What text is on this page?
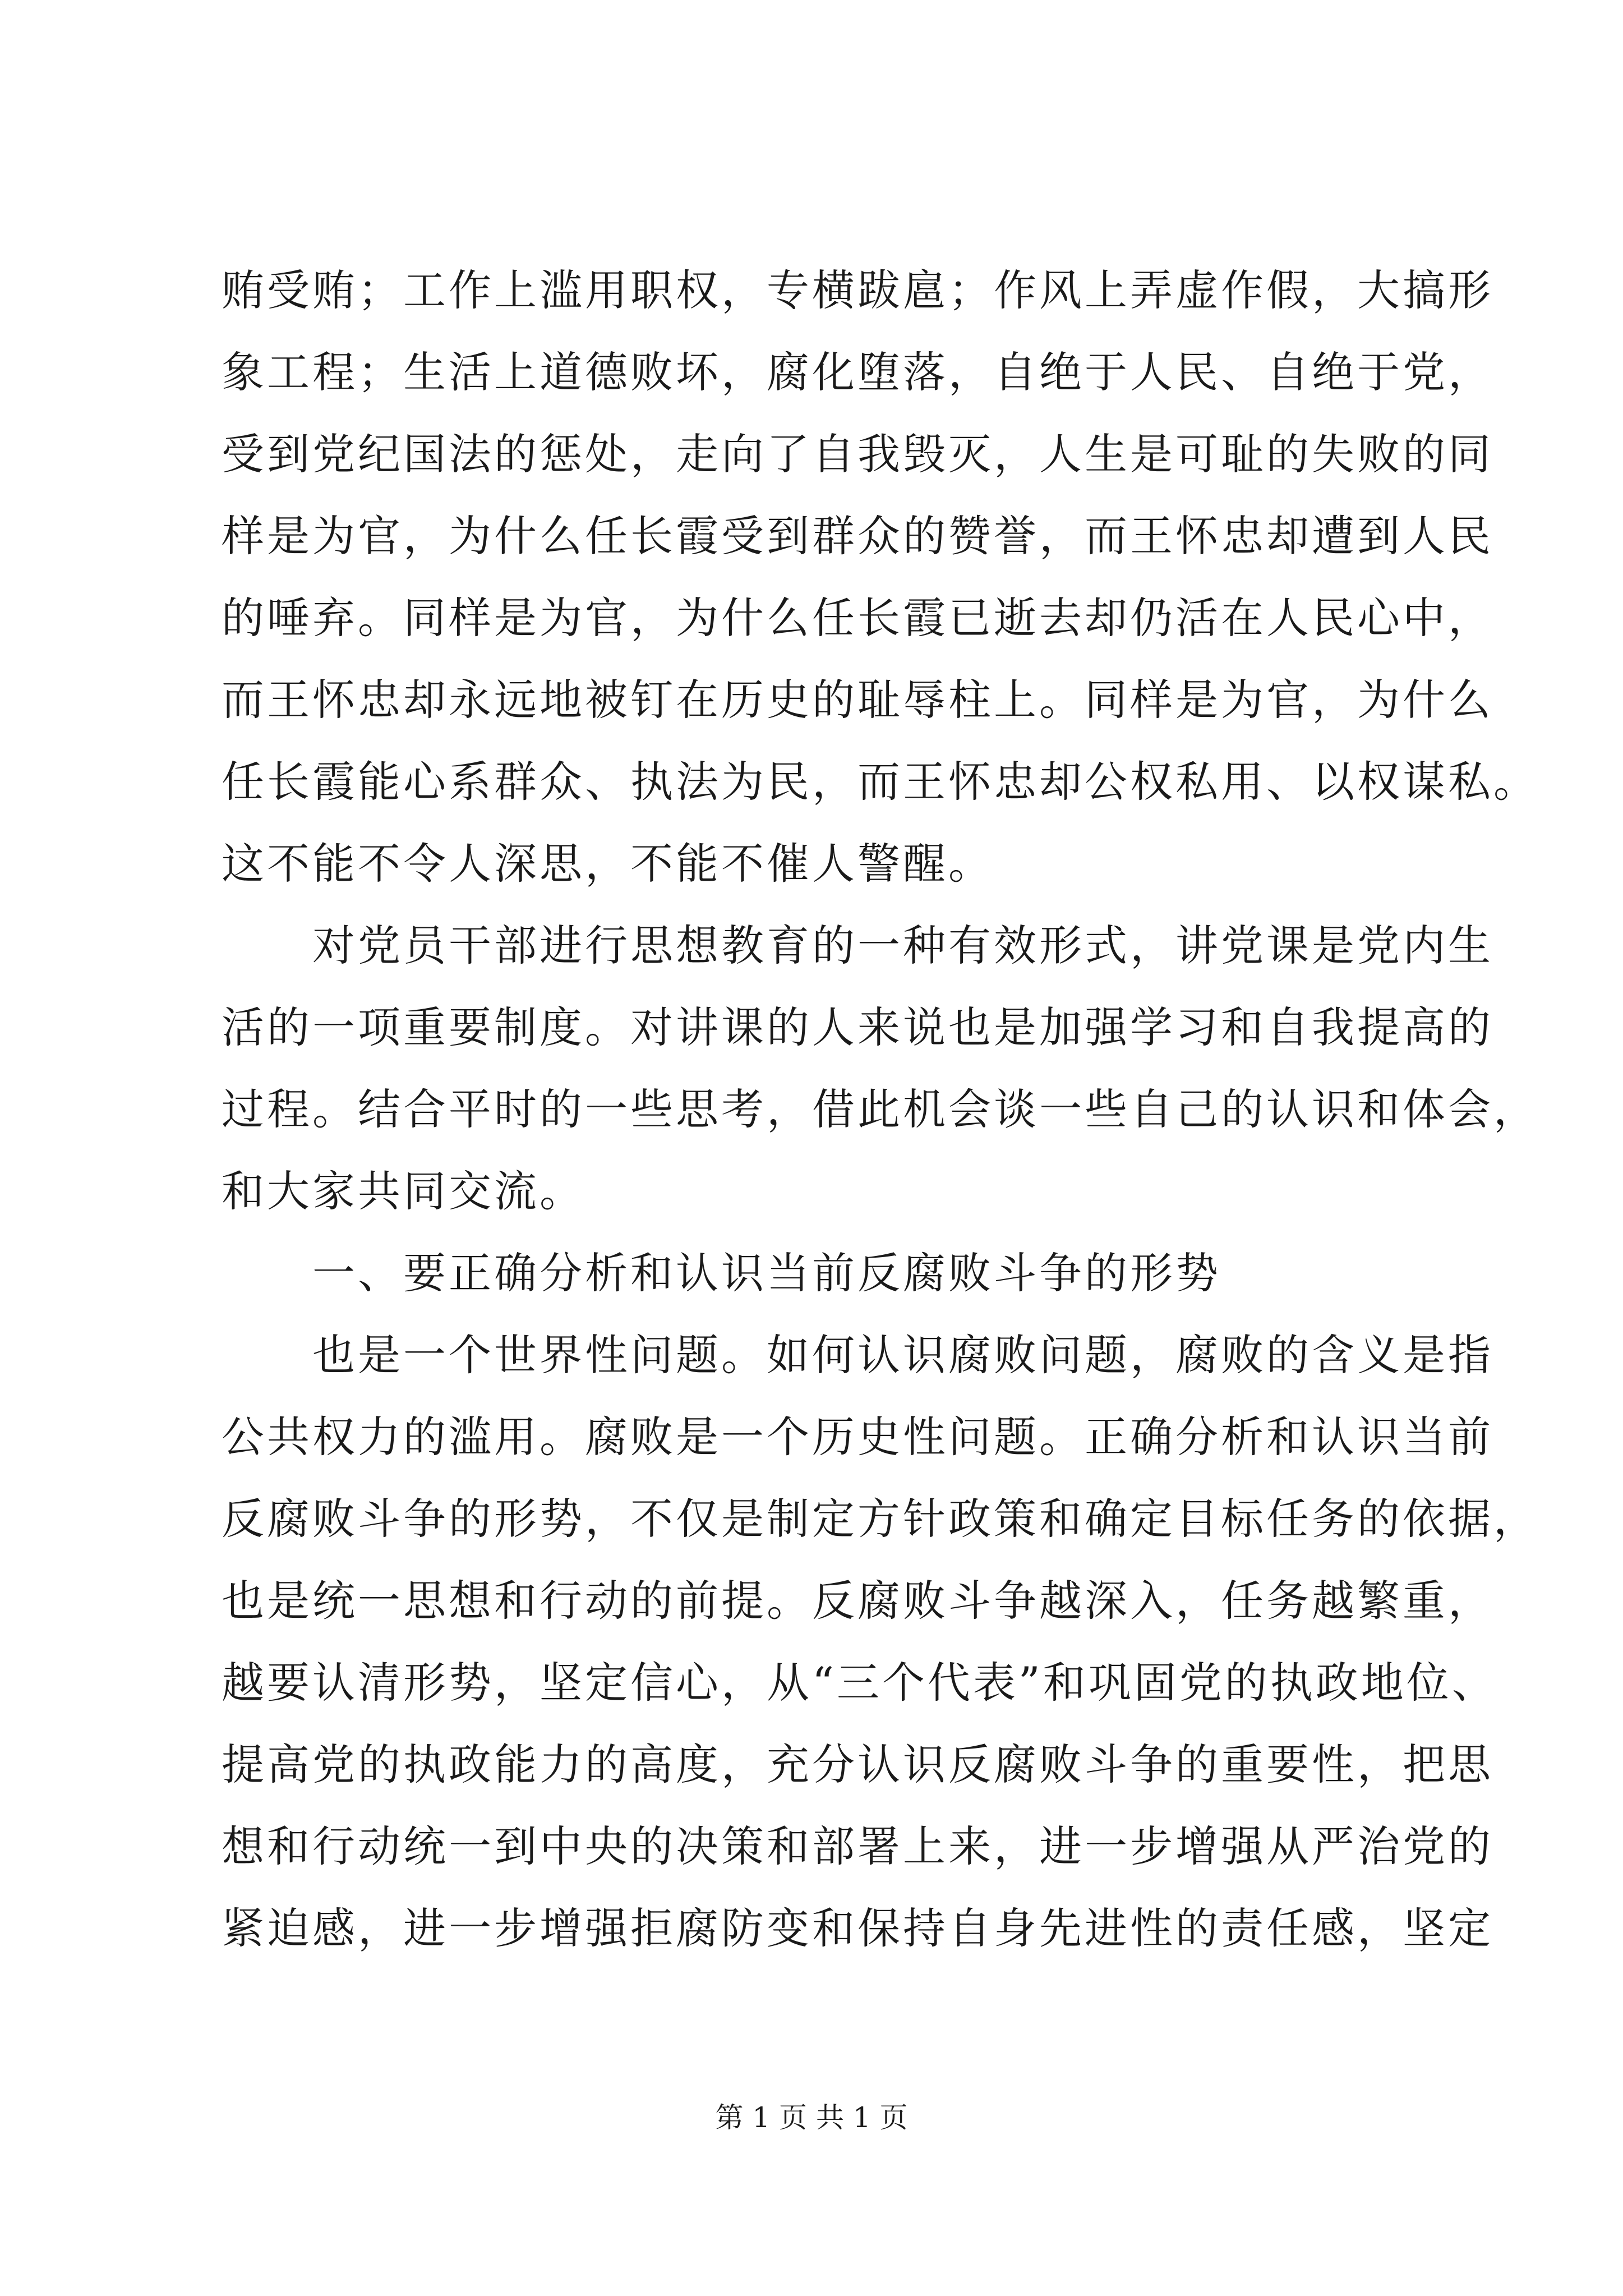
贿受贿；工作上滥用职权，专横跋扈；作风上弄虚作假，大搞形
象工程；生活上道德败坏，腐化堕落，自绝于人民、自绝于党，
受到党纪国法的惩处，走向了自我毁灭，人生是可耻的失败的同
样是为官，为什么任长霞受到群众的赞誉，而王怀忠却遭到人民
的唾弃。同样是为官，为什么任长霞已逝去却仍活在人民心中，
而王怀忠却永远地被钉在历史的耻辱柱上。同样是为官，为什么
任长霞能心系群众、执法为民，而王怀忠却公权私用、以权谋私。
这不能不令人深思，不能不催人警醒。
　　对党员干部进行思想教育的一种有效形式，讲党课是党内生
活的一项重要制度。对讲课的人来说也是加强学习和自我提高的
过程。结合平时的一些思考，借此机会谈一些自己的认识和体会，
和大家共同交流。
　　一、要正确分析和认识当前反腐败斗争的形势
　　也是一个世界性问题。如何认识腐败问题，腐败的含义是指
公共权力的滥用。腐败是一个历史性问题。正确分析和认识当前
反腐败斗争的形势，不仅是制定方针政策和确定目标任务的依据，
也是统一思想和行动的前提。反腐败斗争越深入，任务越繁重，
越要认清形势，坚定信心，从“三个代表”和巩固党的执政地位、
提高党的执政能力的高度，充分认识反腐败斗争的重要性，把思
想和行动统一到中央的决策和部署上来，进一步增强从严治党的
紧迫感，进一步增强拒腐防变和保持自身先进性的责任感，坚定
第 1 页 共 1 页
